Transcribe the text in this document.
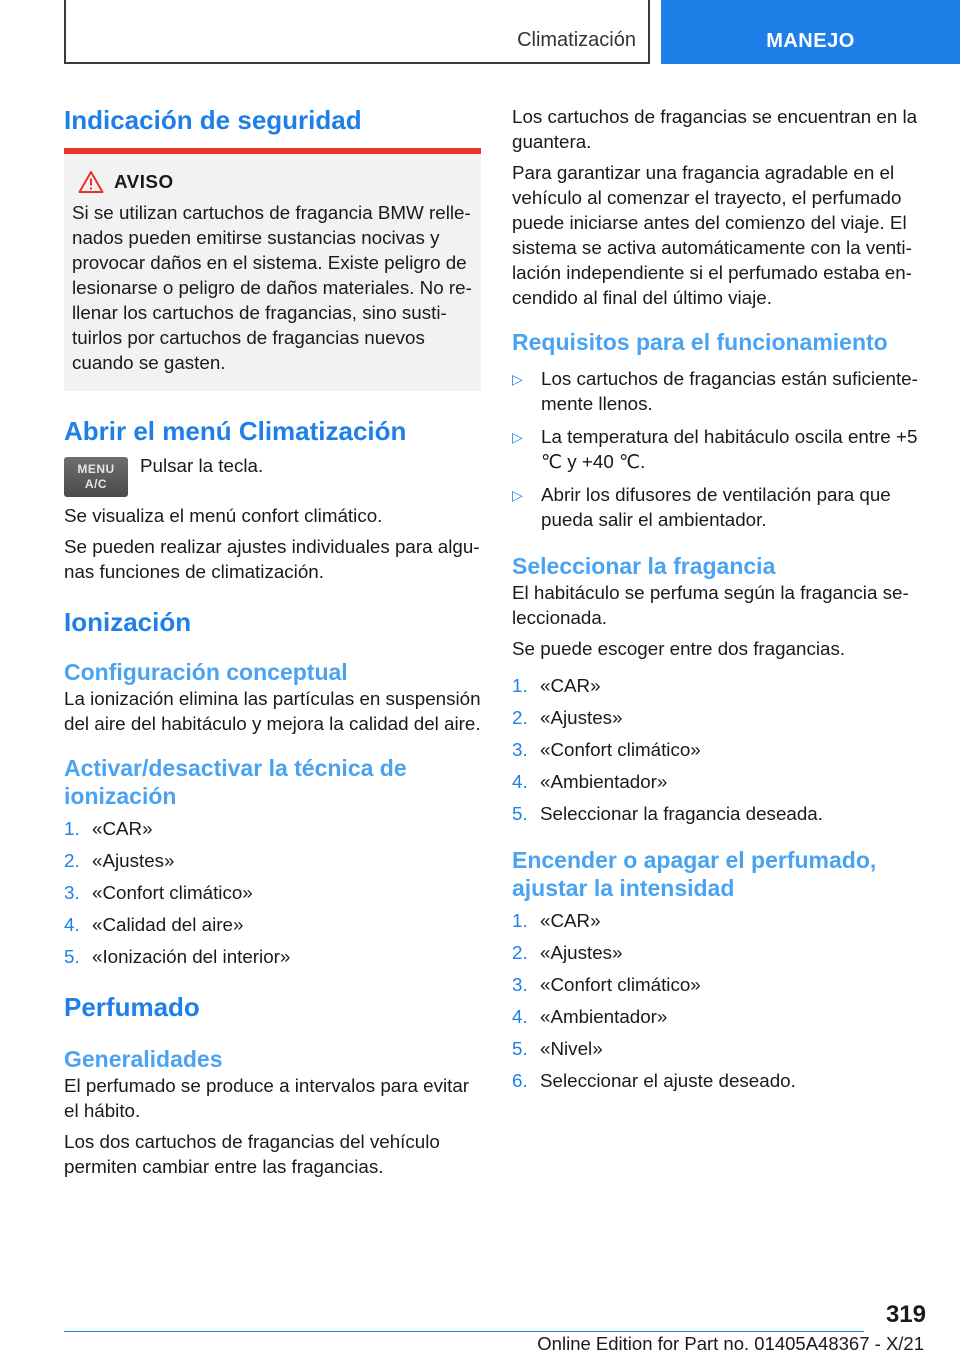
Climatización	MANEJO
Indicación de seguridad
AVISO

Si se utilizan cartuchos de fragancia BMW rellenados pueden emitirse sustancias nocivas y provocar daños en el sistema. Existe peligro de lesionarse o peligro de daños materiales. No rellenar los cartuchos de fragancias, sino sustituirlos por cartuchos de fragancias nuevos cuando se gasten.

Abrir el menú Climatización
MENU
A/C

Pulsar la tecla.

Se visualiza el menú confort climático.

Se pueden realizar ajustes individuales para algunas funciones de climatización.

Ionización
Configuración conceptual

La ionización elimina las partículas en suspensión del aire del habitáculo y mejora la calidad del aire.

Activar/desactivar la técnica de ionización
1. «CAR»
2. «Ajustes»
3. «Confort climático»
4. «Calidad del aire»
5. «Ionización del interior»
Perfumado
Generalidades

El perfumado se produce a intervalos para evitar el hábito.

Los dos cartuchos de fragancias del vehículo permiten cambiar entre las fragancias.

Los cartuchos de fragancias se encuentran en la guantera.

Para garantizar una fragancia agradable en el vehículo al comenzar el trayecto, el perfumado puede iniciarse antes del comienzo del viaje. El sistema se activa automáticamente con la ventilación independiente si el perfumado estaba encendido al final del último viaje.

Requisitos para el funcionamiento
▷ Los cartuchos de fragancias están suficientemente llenos.
▷ La temperatura del habitáculo oscila entre +5 ℃ y +40 ℃.
▷ Abrir los difusores de ventilación para que pueda salir el ambientador.
Seleccionar la fragancia

El habitáculo se perfuma según la fragancia seleccionada.

Se puede escoger entre dos fragancias.

1. «CAR»
2. «Ajustes»
3. «Confort climático»
4. «Ambientador»
5. Seleccionar la fragancia deseada.
Encender o apagar el perfumado, ajustar la intensidad
1. «CAR»
2. «Ajustes»
3. «Confort climático»
4. «Ambientador»
5. «Nivel»
6. Seleccionar el ajuste deseado.
319
Online Edition for Part no. 01405A48367 - X/21
